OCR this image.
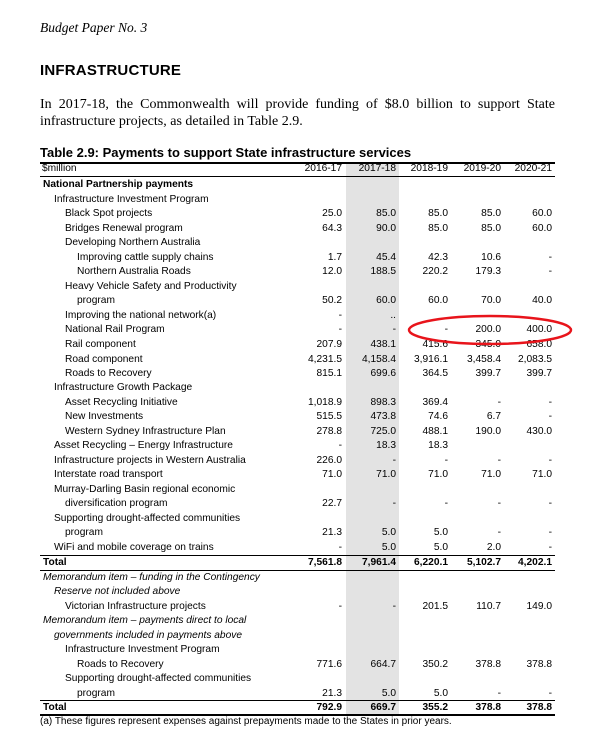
Budget Paper No. 3
INFRASTRUCTURE
In 2017-18, the Commonwealth will provide funding of $8.0 billion to support State infrastructure projects, as detailed in Table 2.9.
Table 2.9: Payments to support State infrastructure services
$million	2016-17	2017-18	2018-19	2019-20	2020-21
National Partnership payments
Infrastructure Investment Program
Black Spot projects	25.0	85.0	85.0	85.0	60.0
Bridges Renewal program	64.3	90.0	85.0	85.0	60.0
Developing Northern Australia
Improving cattle supply chains	1.7	45.4	42.3	10.6	-
Northern Australia Roads	12.0	188.5	220.2	179.3	-
Heavy Vehicle Safety and Productivity
program	50.2	60.0	60.0	70.0	40.0
Improving the national network(a)	-	..
National Rail Program	-	-	-	200.0	400.0
Rail component	207.9	438.1	415.6	345.0	658.0
Road component	4,231.5	4,158.4	3,916.1	3,458.4	2,083.5
Roads to Recovery	815.1	699.6	364.5	399.7	399.7
Infrastructure Growth Package
Asset Recycling Initiative	1,018.9	898.3	369.4	-	-
New Investments	515.5	473.8	74.6	6.7	-
Western Sydney Infrastructure Plan	278.8	725.0	488.1	190.0	430.0
Asset Recycling – Energy Infrastructure	-	18.3	18.3
Infrastructure projects in Western Australia	226.0	-	-	-	-
Interstate road transport	71.0	71.0	71.0	71.0	71.0
Murray-Darling Basin regional economic
diversification program	22.7	-	-	-	-
Supporting drought-affected communities
program	21.3	5.0	5.0	-	-
WiFi and mobile coverage on trains	-	5.0	5.0	2.0	-
Total	7,561.8	7,961.4	6,220.1	5,102.7	4,202.1
Memorandum item – funding in the Contingency
Reserve not included above
Victorian Infrastructure projects	-	-	201.5	110.7	149.0
Memorandum item – payments direct to local
governments included in payments above
Infrastructure Investment Program
Roads to Recovery	771.6	664.7	350.2	378.8	378.8
Supporting drought-affected communities
program	21.3	5.0	5.0	-	-
Total	792.9	669.7	355.2	378.8	378.8
(a) These figures represent expenses against prepayments made to the States in prior years.
